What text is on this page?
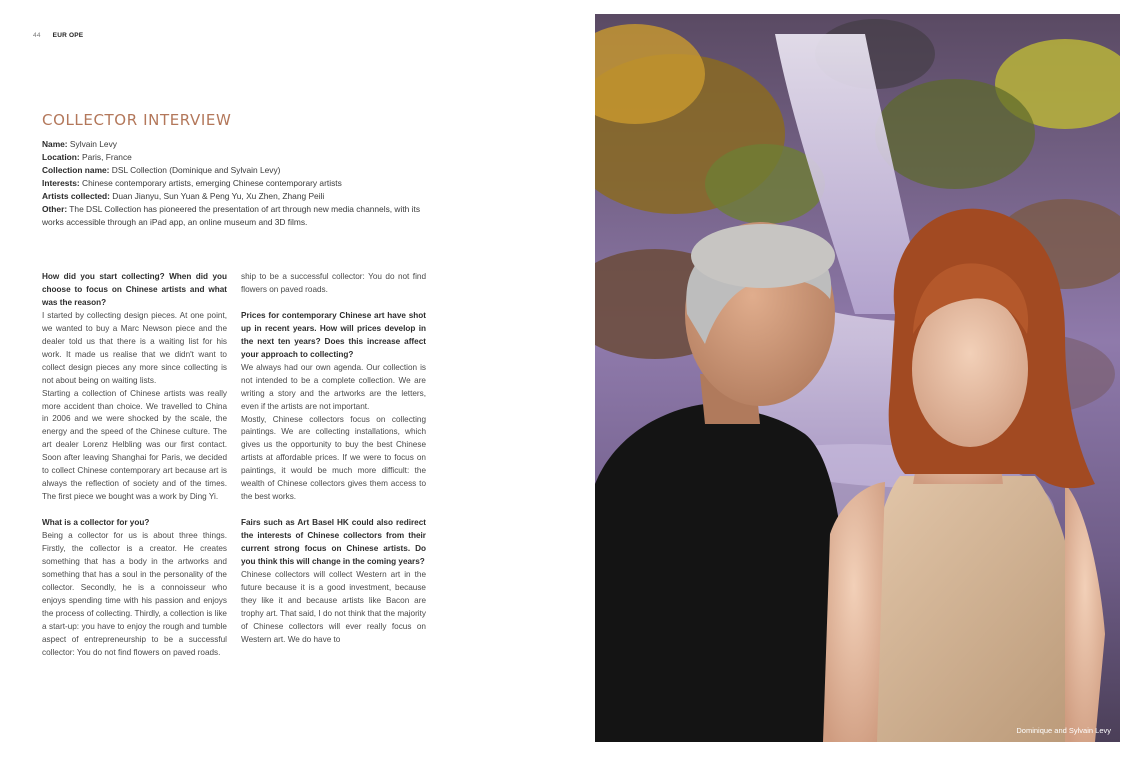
44 EUR OPE
COLLECTOR INTERVIEW
Name: Sylvain Levy
Location: Paris, France
Collection name: DSL Collection (Dominique and Sylvain Levy)
Interests: Chinese contemporary artists, emerging Chinese contemporary artists
Artists collected: Duan Jianyu, Sun Yuan & Peng Yu, Xu Zhen, Zhang Peili
Other: The DSL Collection has pioneered the presentation of art through new media channels, with its works accessible through an iPad app, an online museum and 3D films.

How did you start collecting? When did you choose to focus on Chinese artists and what was the reason?

I started by collecting design pieces. At one point, we wanted to buy a Marc Newson piece and the dealer told us that there is a waiting list for his work. It made us realise that we didn't want to collect design pieces any more since collecting is not about being on waiting lists.

Starting a collection of Chinese artists was really more accident than choice. We travelled to China in 2006 and we were shocked by the scale, the energy and the speed of the Chinese culture. The art dealer Lorenz Helbling was our first contact. Soon after leaving Shanghai for Paris, we decided to collect Chinese contemporary art because art is always the reflection of society and of the times. The first piece we bought was a work by Ding Yi.

What is a collector for you?

Being a collector for us is about three things. Firstly, the collector is a creator. He creates something that has a body in the artworks and something that has a soul in the personality of the collector. Secondly, he is a connoisseur who enjoys spending time with his passion and enjoys the process of collecting. Thirdly, a collection is like a start-up: you have to enjoy the rough and tumble aspect of entrepreneurship to be a successful collector: You do not find flowers on paved roads.

ship to be a successful collector: You do not find flowers on paved roads.

Prices for contemporary Chinese art have shot up in recent years. How will prices develop in the next ten years? Does this increase affect your approach to collecting?

We always had our own agenda. Our collection is not intended to be a complete collection. We are writing a story and the artworks are the letters, even if the artists are not important.

Mostly, Chinese collectors focus on collecting paintings. We are collecting installations, which gives us the opportunity to buy the best Chinese artists at affordable prices. If we were to focus on paintings, it would be much more difficult: the wealth of Chinese collectors gives them access to the best works.

Fairs such as Art Basel HK could also redirect the interests of Chinese collectors from their current strong focus on Chinese artists. Do you think this will change in the coming years?

Chinese collectors will collect Western art in the future because it is a good investment, because they like it and because artists like Bacon are trophy art. That said, I do not think that the majority of Chinese collectors will ever really focus on Western art. We do have to

Dominique and Sylvain Levy
